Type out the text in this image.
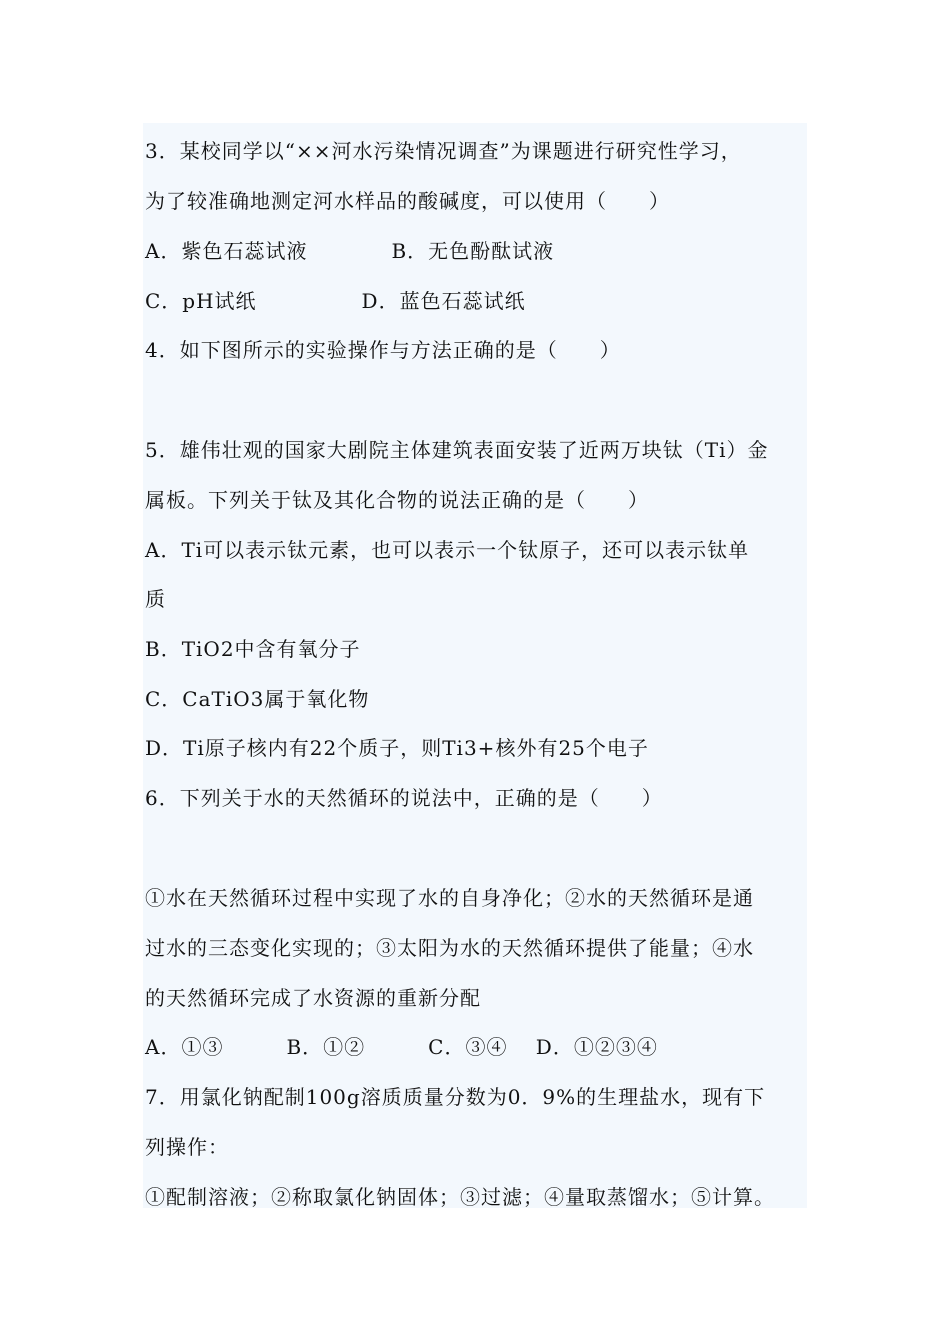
3．某校同学以“××河水污染情况调查”为课题进行研究性学习，
为了较准确地测定河水样品的酸碱度，可以使用（　　）
A．紫色石蕊试液　　　　B．无色酚酞试液
C．pH试纸　　　　　D．蓝色石蕊试纸
4．如下图所示的实验操作与方法正确的是（　　）
5．雄伟壮观的国家大剧院主体建筑表面安装了近两万块钛（Ti）金
属板。下列关于钛及其化合物的说法正确的是（　　）
A．Ti可以表示钛元素，也可以表示一个钛原子，还可以表示钛单
质
B．TiO2中含有氧分子
C．CaTiO3属于氧化物
D．Ti原子核内有22个质子，则Ti3+核外有25个电子
6．下列关于水的天然循环的说法中，正确的是（　　）
①水在天然循环过程中实现了水的自身净化；②水的天然循环是通
过水的三态变化实现的；③太阳为水的天然循环提供了能量；④水
的天然循环完成了水资源的重新分配
A．①③　　　B．①②　　　C．③④　 D．①②③④
7．用氯化钠配制100g溶质质量分数为0．9%的生理盐水，现有下
列操作：
①配制溶液；②称取氯化钠固体；③过滤；④量取蒸馏水；⑤计算。
